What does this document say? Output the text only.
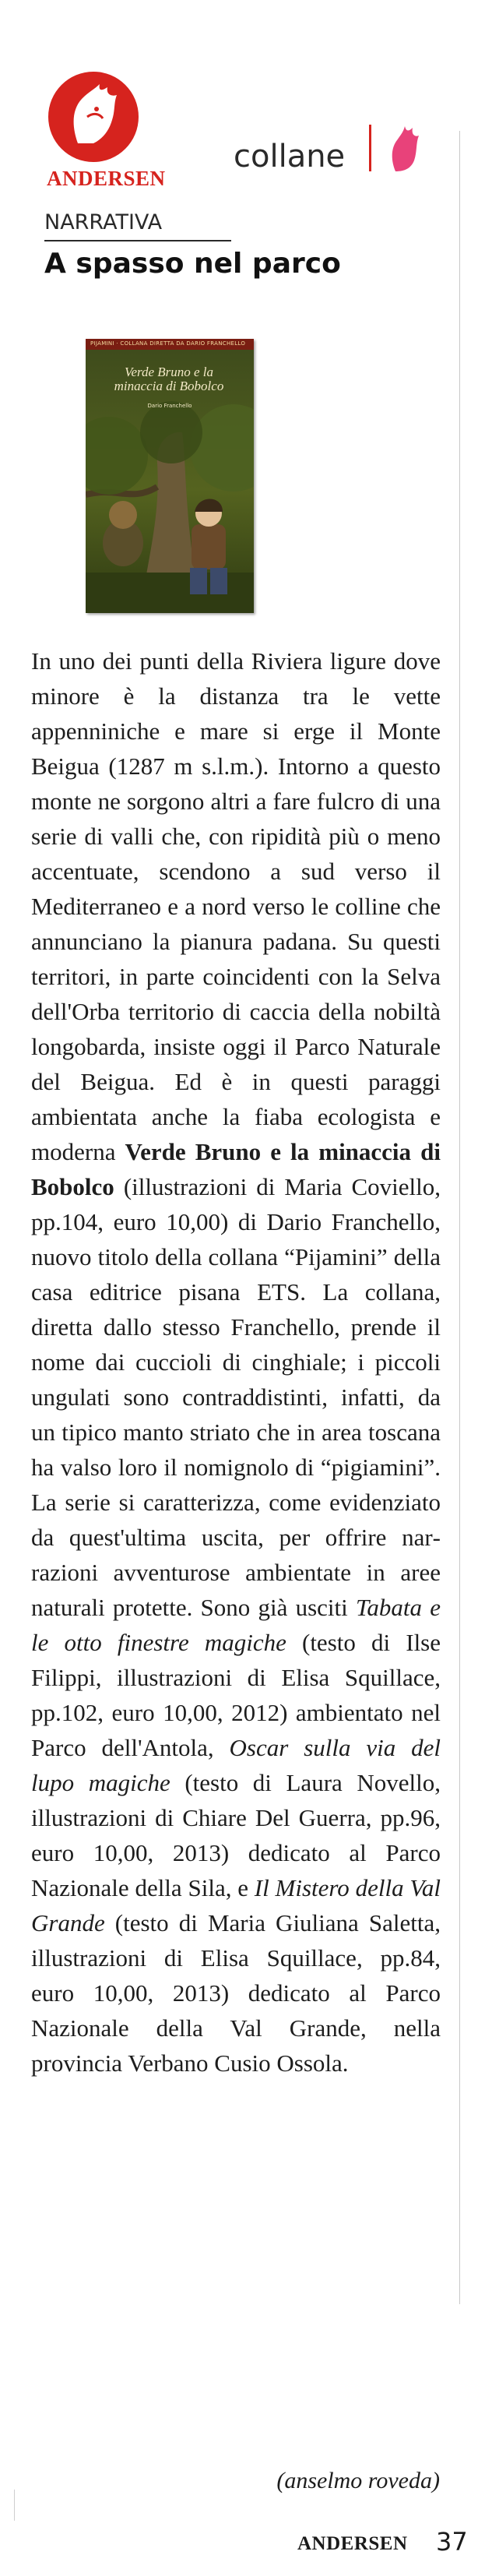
ANDERSEN
collane
NARRATIVA
A spasso nel parco
PIJAMINI · COLLANA DIRETTA DA DARIO FRANCHELLO
Verde Bruno e la minaccia di Bobolco
Dario Franchello
In uno dei punti della Riviera ligure dove minore è la distanza tra le vette appenniniche e mare si erge il Monte Beigua (1287 m s.l.m.). Intorno a questo monte ne sorgono altri a fare fulcro di una serie di valli che, con ripidità più o meno accentuate, scendono a sud verso il Mediterraneo e a nord verso le colline che annunciano la pianura padana. Su questi territori, in parte coincidenti con la Selva dell'Orba territorio di caccia della nobiltà longobarda, insiste oggi il Parco Naturale del Beigua. Ed è in questi paraggi ambientata anche la fiaba ecologista e moderna Verde Bruno e la minaccia di Bobolco (illustrazioni di Maria Coviello, pp.104, euro 10,00) di Dario Franchello, nuovo titolo della collana “Pijamini” della casa editrice pisana ETS. La collana, diretta dallo stesso Franchello, prende il nome dai cuccioli di cinghiale; i piccoli ungulati sono contraddistinti, infatti, da un tipico manto striato che in area toscana ha valso loro il nomignolo di “pigiamini”. La serie si caratterizza, come evidenziato da quest'ultima uscita, per offrire narrazioni avventurose ambientate in aree naturali protette. Sono già usciti Tabata e le otto finestre magiche (testo di Ilse Filippi, illustrazioni di Elisa Squillace, pp.102, euro 10,00, 2012) ambientato nel Parco dell'Antola, Oscar sulla via del lupo magiche (testo di Laura Novello, illustrazioni di Chiare Del Guerra, pp.96, euro 10,00, 2013) dedicato al Parco Nazionale della Sila, e Il Mistero della Val Grande (testo di Maria Giuliana Saletta, illustrazioni di Elisa Squillace, pp.84, euro 10,00, 2013) dedicato al Parco Nazionale della Val Grande, nella provincia Verbano Cusio Ossola.
(anselmo roveda)
ANDERSEN 37
